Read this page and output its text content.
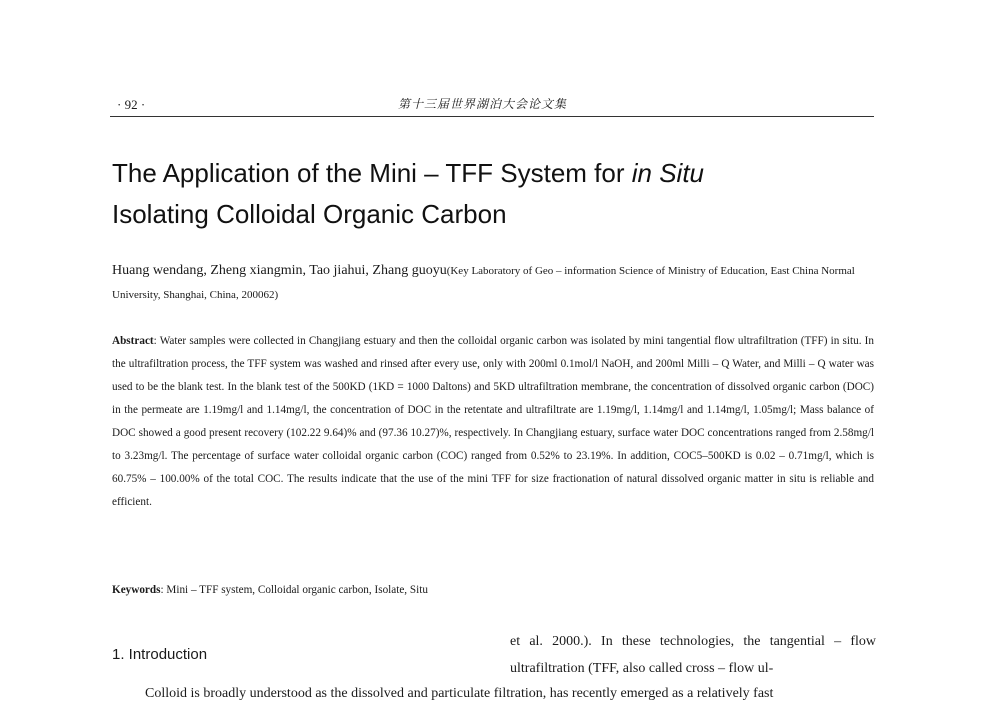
· 92 ·	第十三届世界湖泊大会论文集
The Application of the Mini – TFF System for in Situ
Isolating Colloidal Organic Carbon
Huang wendang, Zheng xiangmin, Tao jiahui, Zhang guoyu(Key Laboratory of Geo – information Science of Ministry of Education, East China Normal University, Shanghai, China, 200062)
Abstract: Water samples were collected in Changjiang estuary and then the colloidal organic carbon was isolated by mini tangential flow ultrafiltration (TFF) in situ. In the ultrafiltration process, the TFF system was washed and rinsed after every use, only with 200ml 0.1mol/l NaOH, and 200ml Milli – Q Water, and Milli – Q water was used to be the blank test. In the blank test of the 500KD (1KD = 1000 Daltons) and 5KD ultrafiltration membrane, the concentration of dissolved organic carbon (DOC) in the permeate are 1.19mg/l and 1.14mg/l, the concentration of DOC in the retentate and ultrafiltrate are 1.19mg/l, 1.14mg/l and 1.14mg/l, 1.05mg/l; Mass balance of DOC showed a good present recovery (102.22 9.64)% and (97.36 10.27)%, respectively. In Changjiang estuary, surface water DOC concentrations ranged from 2.58mg/l to 3.23mg/l. The percentage of surface water colloidal organic carbon (COC) ranged from 0.52% to 23.19%. In addition, COC5–500KD is 0.02 – 0.71mg/l, which is 60.75% – 100.00% of the total COC. The results indicate that the use of the mini TFF for size fractionation of natural dissolved organic matter in situ is reliable and efficient.
Keywords: Mini – TFF system, Colloidal organic carbon, Isolate, Situ
1. Introduction

et al. 2000.). In these technologies, the tangential – flow ultrafiltration (TFF, also called cross – flow ul-

Colloid is broadly understood as the dissolved and particulate filtration, has recently emerged as a relatively fast
